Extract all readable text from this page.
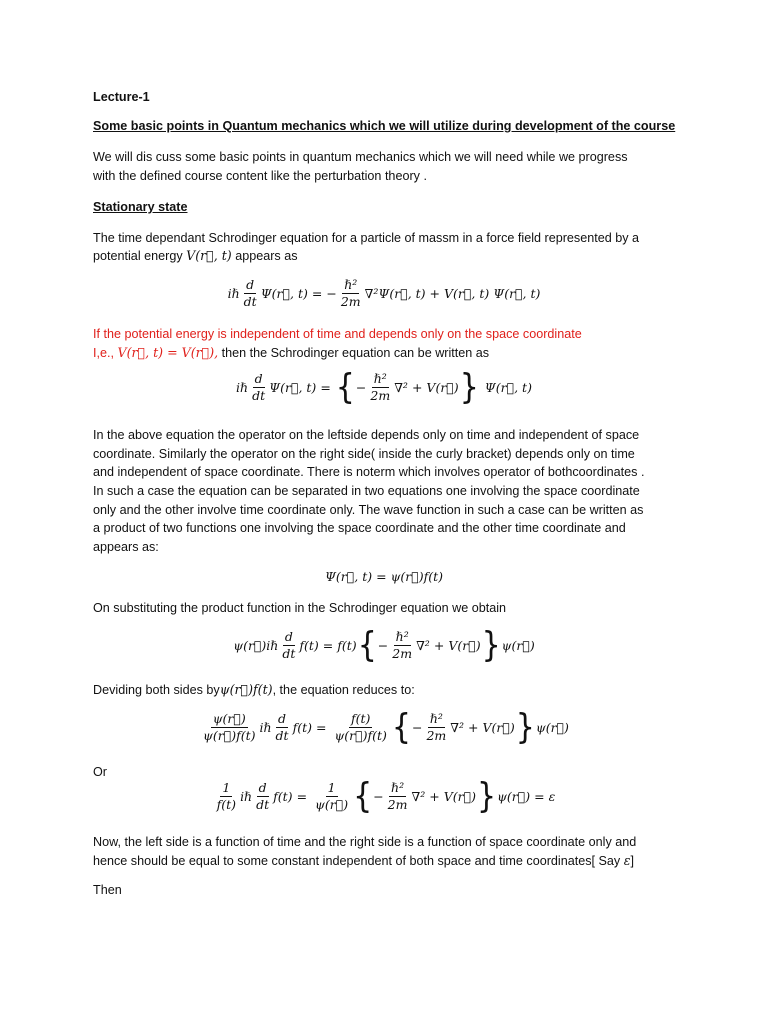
Lecture-1
Some basic points in Quantum mechanics which we will utilize during development of the course
We will dis cuss some basic points in quantum mechanics which we will need while we progress
with the defined course content like the perturbation theory .
Stationary state
The time dependant Schrodinger equation for a particle of massm in a force field represented by a
potential energy V(r⃗, t) appears as
iℏ $\frac{d}{dt}$ Ψ(r⃗, t) = − $\frac{\text{ℏ²}}{2m}$ ∇²Ψ(r⃗, t) + V(r⃗, t) Ψ(r⃗, t)
If the potential energy is independent of time and depends only on the space coordinate
I,e., V(r⃗, t) = V(r⃗), then the Schrodinger equation can be written as
iℏ $\frac{d}{dt}$ Ψ(r⃗, t) = { − $\frac{\text{ℏ²}}{2m} \nabla^2$ + V(r⃗) } Ψ(r⃗, t)
In the above equation the operator on the leftside depends only on time and independent of space
coordinate. Similarly the operator on the right side( inside the curly bracket) depends only on time
and independent of space coordinate. There is noterm which involves operator of bothcoordinates .
In such a case the equation can be separated in two equations one involving the space coordinate
only and the other involve time coordinate only. The wave function in such a case can be written as
a product of two functions one involving the space coordinate and the other time coordinate and
appears as:
Ψ(r⃗, t) = ψ(r⃗)f(t)
On substituting the product function in the Schrodinger equation we obtain
ψ(r⃗)iℏ $\frac{d}{dt} f(t) = f(t)$ { − $\frac{\text{ℏ²}}{2m} \nabla^2$ + V(r⃗) } ψ(r⃗)
Deviding both sides byψ(r⃗)f(t), the equation reduces to:
$\frac{\psi(r⃗)}{\psi(r⃗)f(t)}$ iℏ $\frac{d}{dt} f(t) = \frac{f(t)}{\psi(r⃗)f(t)}$ { − $\frac{\text{ℏ²}}{2m} \nabla^2$ + V(r⃗) } ψ(r⃗)
Or
$\frac{1}{f(t)}$ iℏ $\frac{d}{dt} f(t) = \frac{1}{\psi(r⃗)}$ { − $\frac{\text{ℏ²}}{2m} \nabla^2$ + V(r⃗) } ψ(r⃗) = ε
Now, the left side is a function of time and the right side is a function of space coordinate only and
hence should be equal to some constant independent of both space and time coordinates[ Say ε]
Then
